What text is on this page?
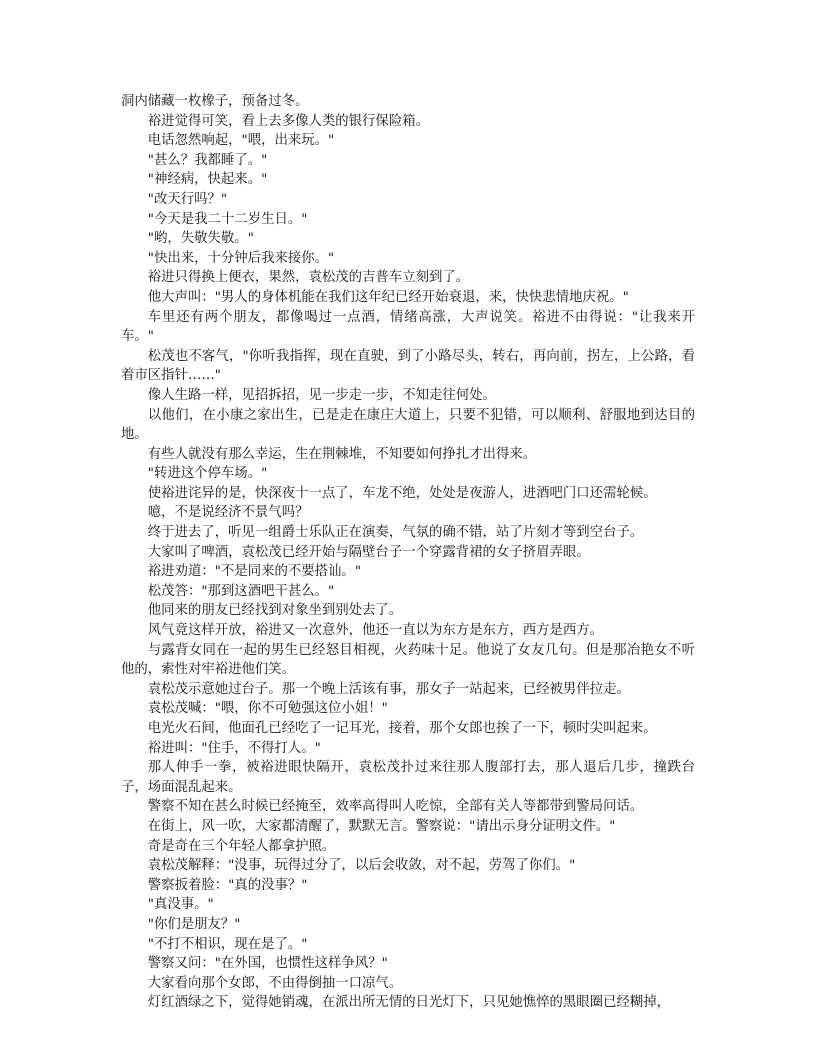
洞内储藏一枚橡子，预备过冬。

裕进觉得可笑，看上去多像人类的银行保险箱。

电话忽然响起，"喂，出来玩。"

"甚么？我都睡了。"

"神经病，快起来。"

"改天行吗？"

"今天是我二十二岁生日。"

"哟，失敬失敬。"

"快出来，十分钟后我来接你。"

裕进只得换上便衣，果然，袁松茂的吉普车立刻到了。

他大声叫："男人的身体机能在我们这年纪已经开始衰退，来，快快悲情地庆祝。"

车里还有两个朋友，都像喝过一点酒，情绪高涨，大声说笑。裕进不由得说："让我来开车。"

松茂也不客气，"你听我指挥，现在直驶，到了小路尽头，转右，再向前，拐左，上公路，看着市区指针……"

像人生路一样，见招拆招，见一步走一步，不知走往何处。

以他们，在小康之家出生，已是走在康庄大道上，只要不犯错，可以顺利、舒服地到达目的地。

有些人就没有那么幸运，生在荆棘堆，不知要如何挣扎才出得来。

"转进这个停车场。"

使裕进诧异的是，快深夜十一点了，车龙不绝，处处是夜游人，进酒吧门口还需轮候。

噫，不是说经济不景气吗？

终于进去了，听见一组爵士乐队正在演奏，气氛的确不错，站了片刻才等到空台子。

大家叫了啤酒，袁松茂已经开始与隔壁台子一个穿露背裙的女子挤眉弄眼。

裕进劝道："不是同来的不要搭讪。"

松茂答："那到这酒吧干甚么。"

他同来的朋友已经找到对象坐到别处去了。

风气竟这样开放，裕进又一次意外，他还一直以为东方是东方，西方是西方。

与露背女同在一起的男生已经怒目相视，火药味十足。他说了女友几句。但是那冶艳女不听他的，索性对牢裕进他们笑。

袁松茂示意她过台子。那一个晚上活该有事，那女子一站起来，已经被男伴拉走。

袁松茂喊："喂，你不可勉强这位小姐！"

电光火石间，他面孔已经吃了一记耳光，接着，那个女郎也挨了一下，顿时尖叫起来。

裕进叫："住手，不得打人。"

那人伸手一拳，被裕进眼快隔开，袁松茂扑过来往那人腹部打去，那人退后几步，撞跌台子，场面混乱起来。

警察不知在甚么时候已经掩至，效率高得叫人吃惊，全部有关人等都带到警局问话。

在街上，风一吹，大家都清醒了，默默无言。警察说："请出示身分证明文件。"

奇是奇在三个年轻人都拿护照。

袁松茂解释："没事，玩得过分了，以后会收敛，对不起，劳驾了你们。"

警察扳着脸："真的没事？"

"真没事。"

"你们是朋友？"

"不打不相识，现在是了。"

警察又问："在外国，也惯性这样争风？"

大家看向那个女郎，不由得倒抽一口凉气。

灯红酒绿之下，觉得她销魂，在派出所无情的日光灯下，只见她憔悴的黑眼圈已经糊掉，
